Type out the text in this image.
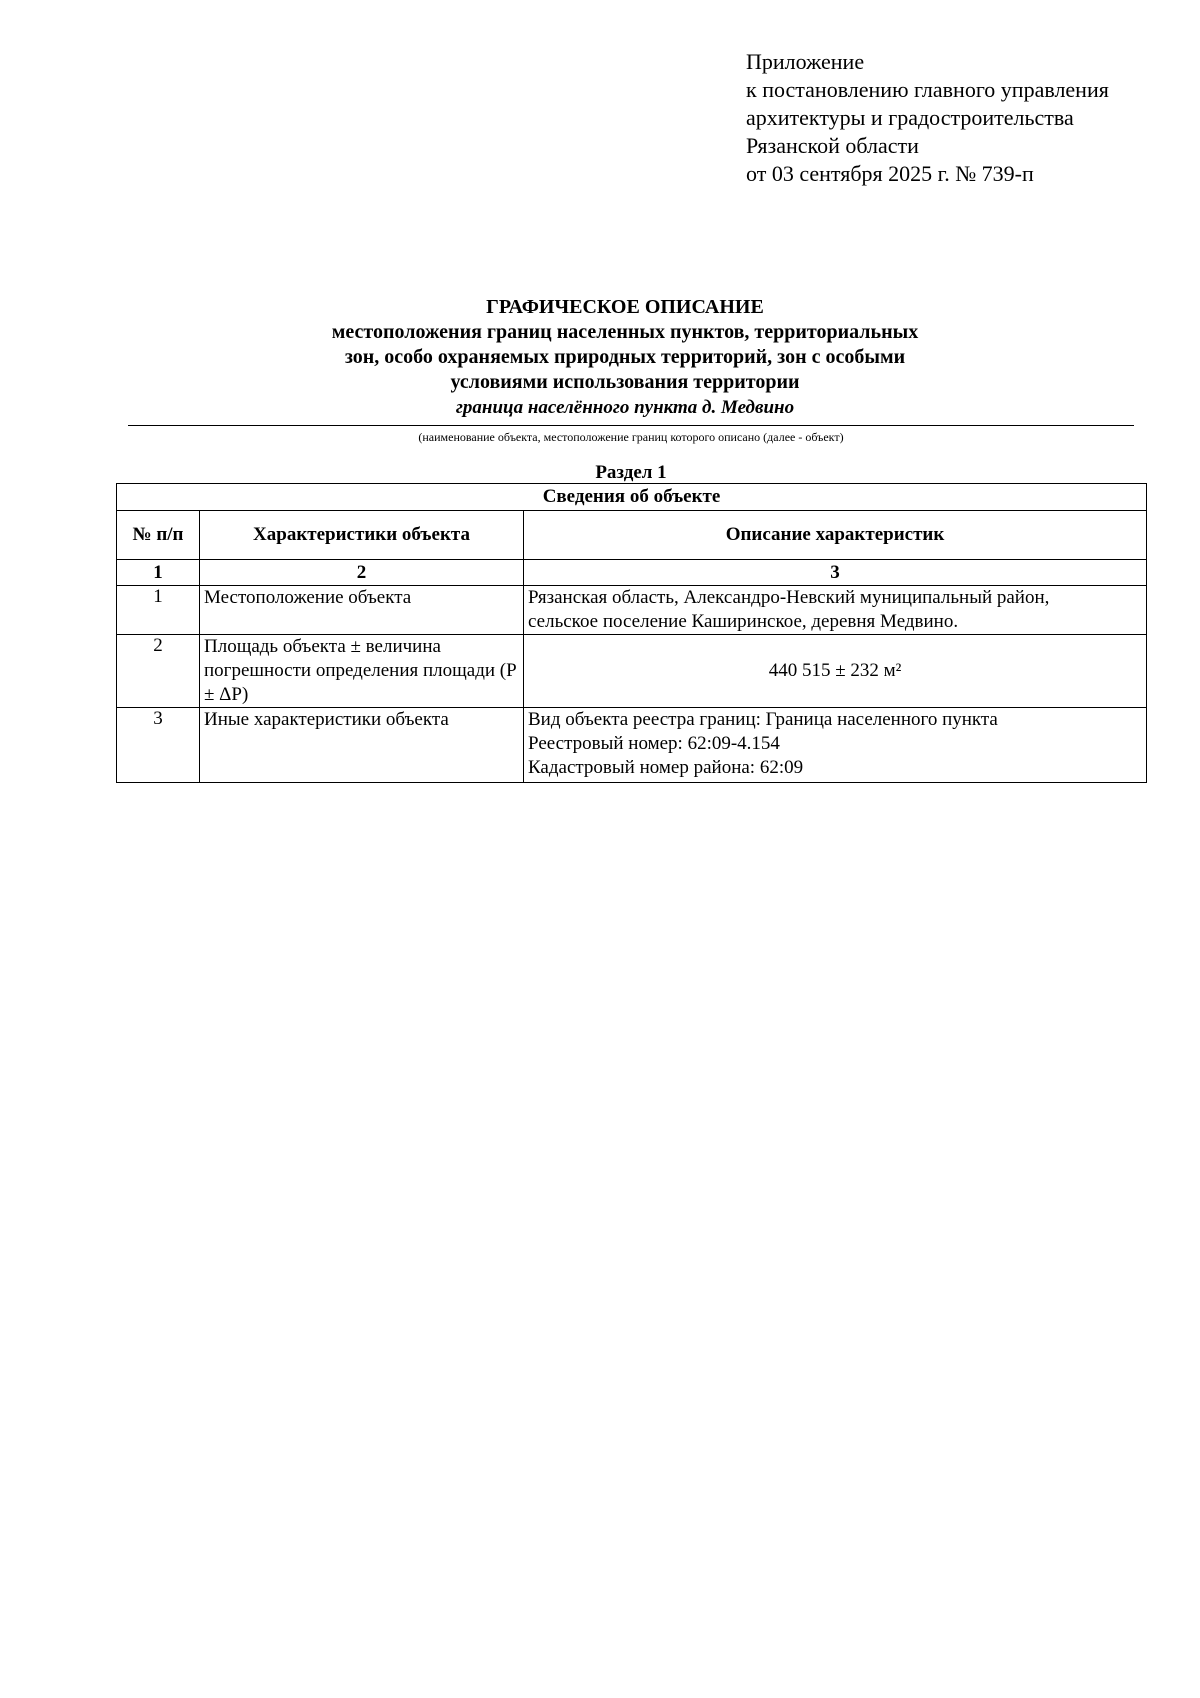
Приложение
к постановлению главного управления
архитектуры и градостроительства
Рязанской области
от 03 сентября 2025 г. № 739-п
ГРАФИЧЕСКОЕ ОПИСАНИЕ
местоположения границ населенных пунктов, территориальных
зон, особо охраняемых природных территорий, зон с особыми
условиями использования территории
граница населённого пункта д. Медвино
(наименование объекта, местоположение границ которого описано (далее - объект)
Раздел 1
Сведения об объекте		
№ п/п	Характеристики объекта	Описание характеристик
1	2	3
1	Местоположение объекта	Рязанская область, Александро-Невский муниципальный район,
сельское поселение Каширинское, деревня Медвино.

2	Площадь объекта ± величина погрешности определения площади (Р ± ΔР)	440 515 ± 232 м²

3	Иные характеристики объекта	Вид объекта реестра границ: Граница населенного пункта
Реестровый номер: 62:09-4.154
Кадастровый номер района: 62:09
